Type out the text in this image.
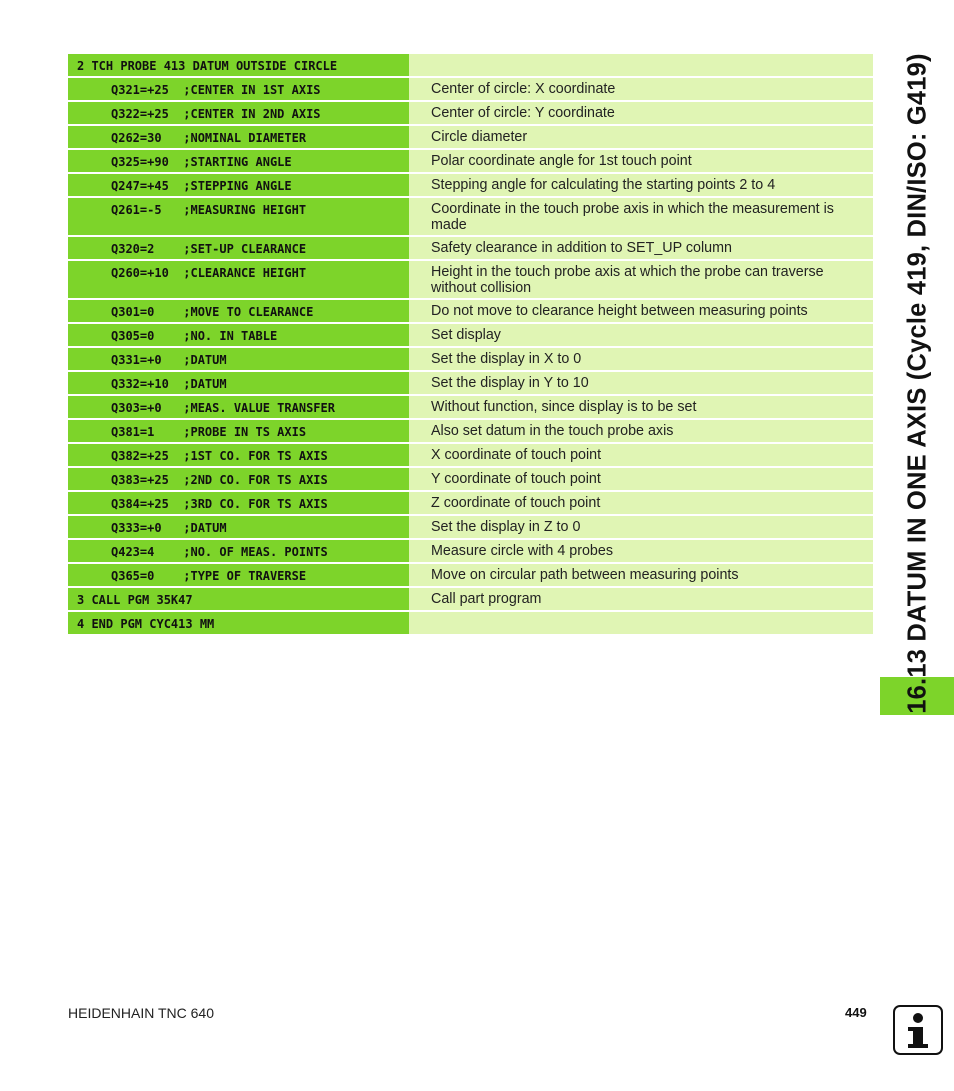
2 TCH PROBE 413 DATUM OUTSIDE CIRCLE
Q321=+25  ;CENTER IN 1ST AXIS	Center of circle: X coordinate
Q322=+25  ;CENTER IN 2ND AXIS	Center of circle: Y coordinate
Q262=30   ;NOMINAL DIAMETER	Circle diameter
Q325=+90  ;STARTING ANGLE	Polar coordinate angle for 1st touch point
Q247=+45  ;STEPPING ANGLE	Stepping angle for calculating the starting points 2 to 4
Q261=-5   ;MEASURING HEIGHT	Coordinate in the touch probe axis in which the measurement is made
Q320=2    ;SET-UP CLEARANCE	Safety clearance in addition to SET_UP column
Q260=+10  ;CLEARANCE HEIGHT	Height in the touch probe axis at which the probe can traverse without collision
Q301=0    ;MOVE TO CLEARANCE	Do not move to clearance height between measuring points
Q305=0    ;NO. IN TABLE	Set display
Q331=+0   ;DATUM	Set the display in X to 0
Q332=+10  ;DATUM	Set the display in Y to 10
Q303=+0   ;MEAS. VALUE TRANSFER	Without function, since display is to be set
Q381=1    ;PROBE IN TS AXIS	Also set datum in the touch probe axis
Q382=+25  ;1ST CO. FOR TS AXIS	X coordinate of touch point
Q383=+25  ;2ND CO. FOR TS AXIS	Y coordinate of touch point
Q384=+25  ;3RD CO. FOR TS AXIS	Z coordinate of touch point
Q333=+0   ;DATUM	Set the display in Z to 0
Q423=4    ;NO. OF MEAS. POINTS	Measure circle with 4 probes
Q365=0    ;TYPE OF TRAVERSE	Move on circular path between measuring points
3 CALL PGM 35K47	Call part program
4 END PGM CYC413 MM	16.13 DATUM IN ONE AXIS (Cycle 419, DIN/ISO: G419)
HEIDENHAIN TNC 640	449
